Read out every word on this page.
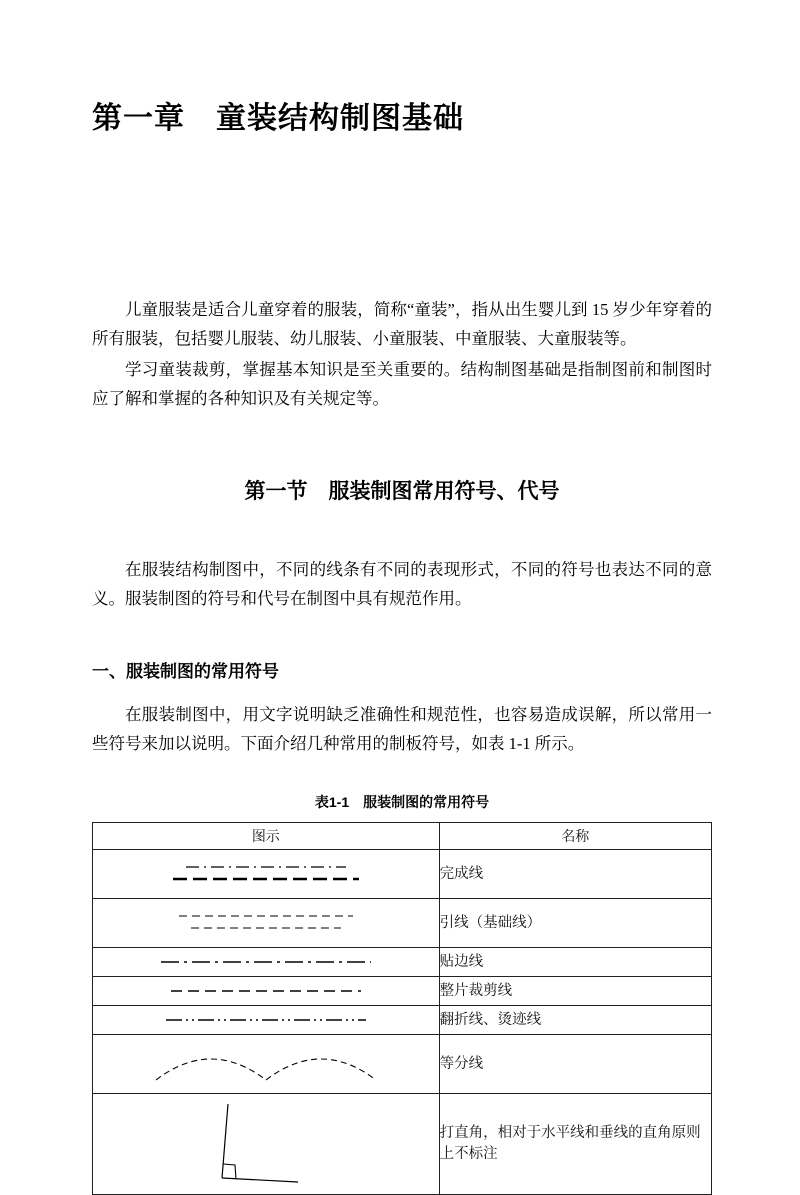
第一章　童装结构制图基础

儿童服装是适合儿童穿着的服装，简称“童装”，指从出生婴儿到 15 岁少年穿着的所有服装，包括婴儿服装、幼儿服装、小童服装、中童服装、大童服装等。

学习童装裁剪，掌握基本知识是至关重要的。结构制图基础是指制图前和制图时应了解和掌握的各种知识及有关规定等。

第一节　服装制图常用符号、代号

在服装结构制图中，不同的线条有不同的表现形式，不同的符号也表达不同的意义。服装制图的符号和代号在制图中具有规范作用。

一、服装制图的常用符号

在服装制图中，用文字说明缺乏准确性和规范性，也容易造成误解，所以常用一些符号来加以说明。下面介绍几种常用的制板符号，如表 1-1 所示。

表1-1　服装制图的常用符号
图示	名称

	完成线

	引线（基础线）

	贴边线

	整片裁剪线

	翻折线、烫迹线

	等分线

	打直角，相对于水平线和垂线的直角原则上不标注
